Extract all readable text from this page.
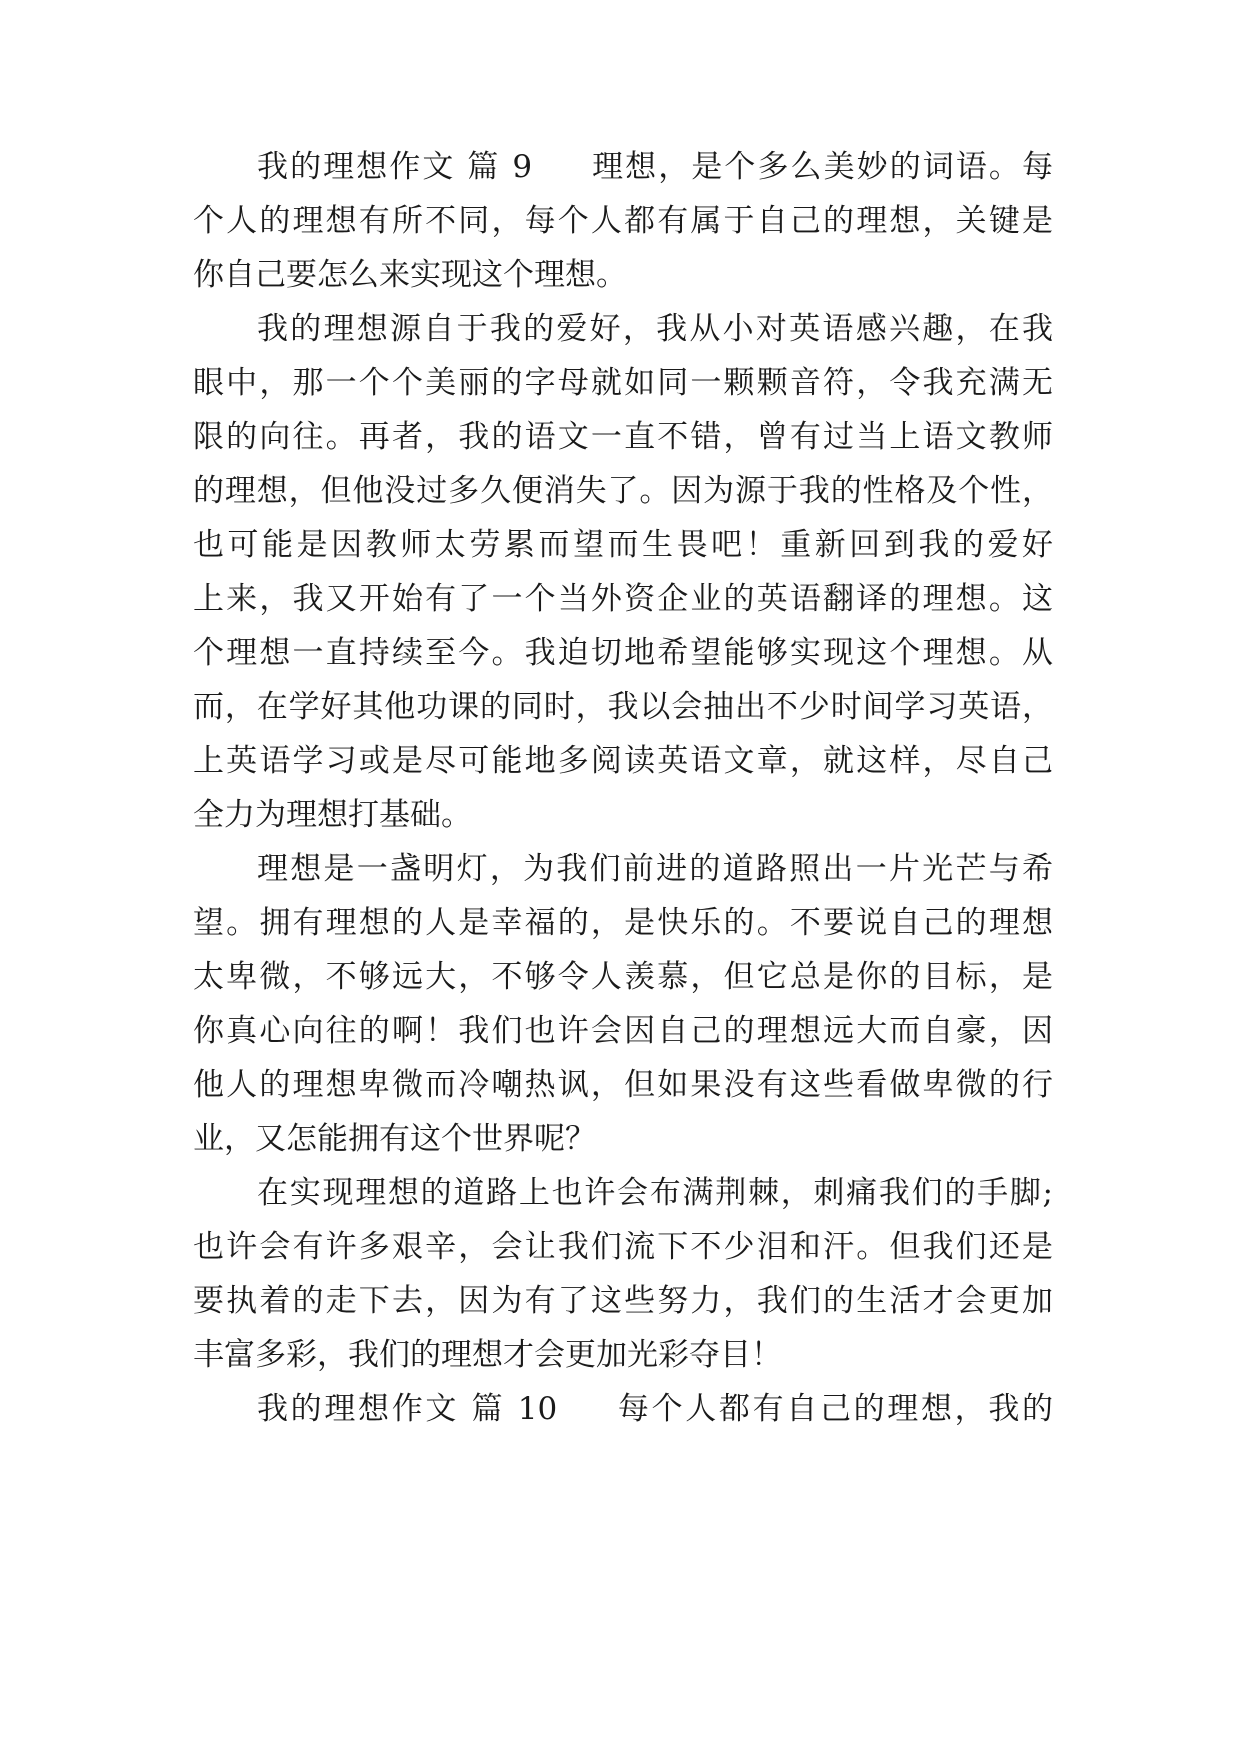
我的理想作文 篇 9 理想，是个多么美妙的词语。每

个人的理想有所不同，每个人都有属于自己的理想，关键是

你自己要怎么来实现这个理想。

我的理想源自于我的爱好，我从小对英语感兴趣，在我

眼中，那一个个美丽的字母就如同一颗颗音符，令我充满无

限的向往。再者，我的语文一直不错，曾有过当上语文教师

的理想，但他没过多久便消失了。因为源于我的性格及个性，

也可能是因教师太劳累而望而生畏吧！重新回到我的爱好

上来，我又开始有了一个当外资企业的英语翻译的理想。这

个理想一直持续至今。我迫切地希望能够实现这个理想。从

而，在学好其他功课的同时，我以会抽出不少时间学习英语，

上英语学习或是尽可能地多阅读英语文章，就这样，尽自己

全力为理想打基础。

理想是一盏明灯，为我们前进的道路照出一片光芒与希

望。拥有理想的人是幸福的，是快乐的。不要说自己的理想

太卑微，不够远大，不够令人羡慕，但它总是你的目标，是

你真心向往的啊！我们也许会因自己的理想远大而自豪，因

他人的理想卑微而冷嘲热讽，但如果没有这些看做卑微的行

业，又怎能拥有这个世界呢？

在实现理想的道路上也许会布满荆棘，刺痛我们的手脚;

也许会有许多艰辛，会让我们流下不少泪和汗。但我们还是

要执着的走下去，因为有了这些努力，我们的生活才会更加

丰富多彩，我们的理想才会更加光彩夺目！

我的理想作文 篇 10 每个人都有自己的理想，我的
